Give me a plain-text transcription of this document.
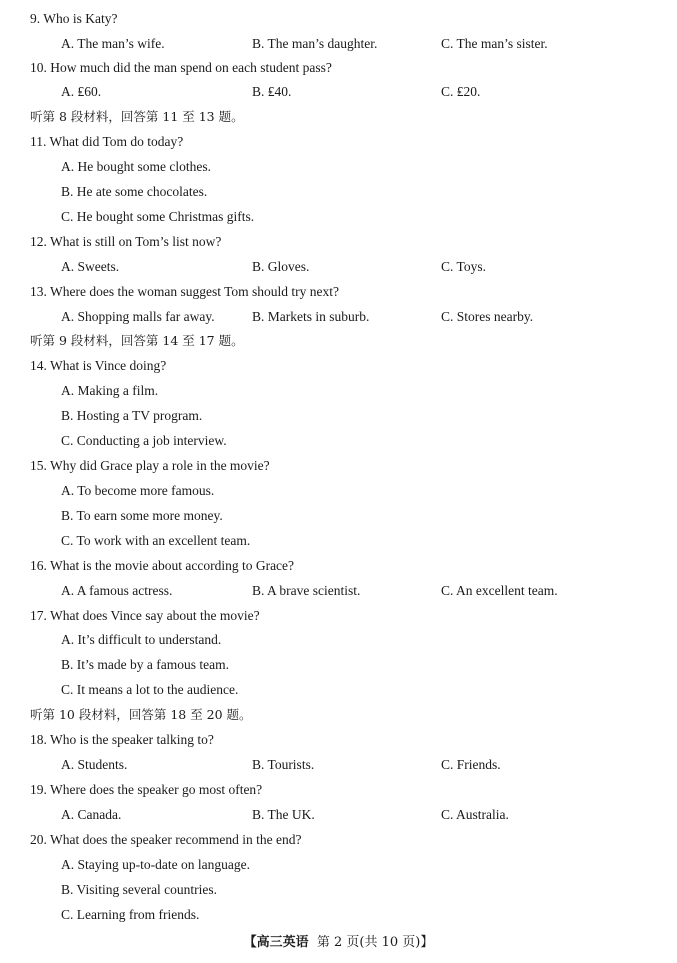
9. Who is Katy?
A. The man’s wife.	B. The man’s daughter.	C. The man’s sister.
10. How much did the man spend on each student pass?
A. ₤60.	B. ₤40.	C. ₤20.
听第 8 段材料，回答第 11 至 13 题。
11. What did Tom do today?
A. He bought some clothes.
B. He ate some chocolates.
C. He bought some Christmas gifts.
12. What is still on Tom’s list now?
A. Sweets.	B. Gloves.	C. Toys.
13. Where does the woman suggest Tom should try next?
A. Shopping malls far away.	B. Markets in suburb.	C. Stores nearby.
听第 9 段材料，回答第 14 至 17 题。
14. What is Vince doing?
A. Making a film.
B. Hosting a TV program.
C. Conducting a job interview.
15. Why did Grace play a role in the movie?
A. To become more famous.
B. To earn some more money.
C. To work with an excellent team.
16. What is the movie about according to Grace?
A. A famous actress.	B. A brave scientist.	C. An excellent team.
17. What does Vince say about the movie?
A. It’s difficult to understand.
B. It’s made by a famous team.
C. It means a lot to the audience.
听第 10 段材料，回答第 18 至 20 题。
18. Who is the speaker talking to?
A. Students.	B. Tourists.	C. Friends.
19. Where does the speaker go most often?
A. Canada.	B. The UK.	C. Australia.
20. What does the speaker recommend in the end?
A. Staying up-to-date on language.
B. Visiting several countries.
C. Learning from friends.
【高三英语 第 2 页(共 10 页)】
